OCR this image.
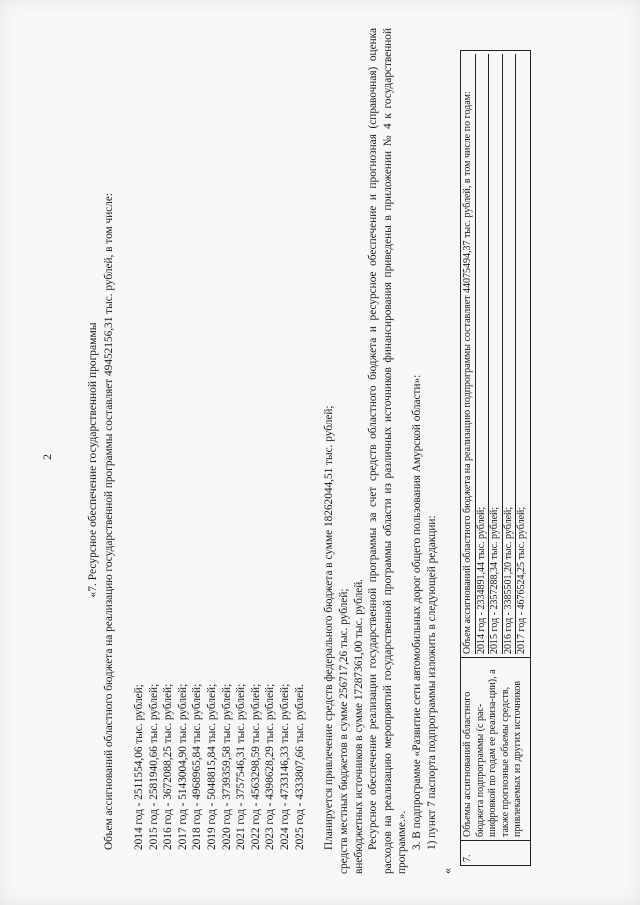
2	«7. Ресурсное обеспечение государственной программы Объем ассигнований областного бюджета на реализацию государственной программы составляет 49452156,31 тыс. рублей, в том числе: 2014 год - 2511554,06 тыс. рублей; 2015 год - 2581940,66 тыс. рублей; 2016 год - 3672088,25 тыс. рублей; 2017 год - 5143004,90 тыс. рублей; 2018 год - 4968965,84 тыс. рублей; 2019 год - 5048815,84 тыс. рублей; 2020 год - 3739359,58 тыс. рублей; 2021 год - 3757546,31 тыс. рублей; 2022 год - 4563298,59 тыс. рублей; 2023 год - 4398628,29 тыс. рублей; 2024 год - 4733146,33 тыс. рублей; 2025 год - 4333807,66 тыс. рублей. Планируется привлечение средств федерального бюджета в сумме 18262044,51 тыс. рублей; средств местных бюджетов в сумме 256717,26 тыс. рублей; внебюджетных источников в сумме 17287361,00 тыс. рублей. Ресурсное обеспечение реализации государственной программы за счет средств областного бюджета и ресурсное обеспечение и прогнозная (справочная) оценка расходов на реализацию мероприятий государственной программы области из различных источников финансирования приведены в приложении № 4 к государственной программе.». 3. В подпрограмме «Развитие сети автомобильных дорог общего пользования Амурской области»: 1) пункт 7 паспорта подпрограммы изложить в следующей редакции:
«
7.	Объемы ассигнований областного бюджета подпрограммы (с рас-шифровкой по годам ее реализа-ции), а также прогнозные объемы средств, привлекаемых из других источников	
Объем ассигнований областного бюджета на реализацию подпрограммы составляет 44075494,37 тыс. рублей, в том числе по годам: 2014 год - 2334891,44 тыс. рублей; 2015 год - 2357288,34 тыс. рублей; 2016 год - 3385501,20 тыс. рублей; 2017 год - 4676524,25 тыс. рублей;
